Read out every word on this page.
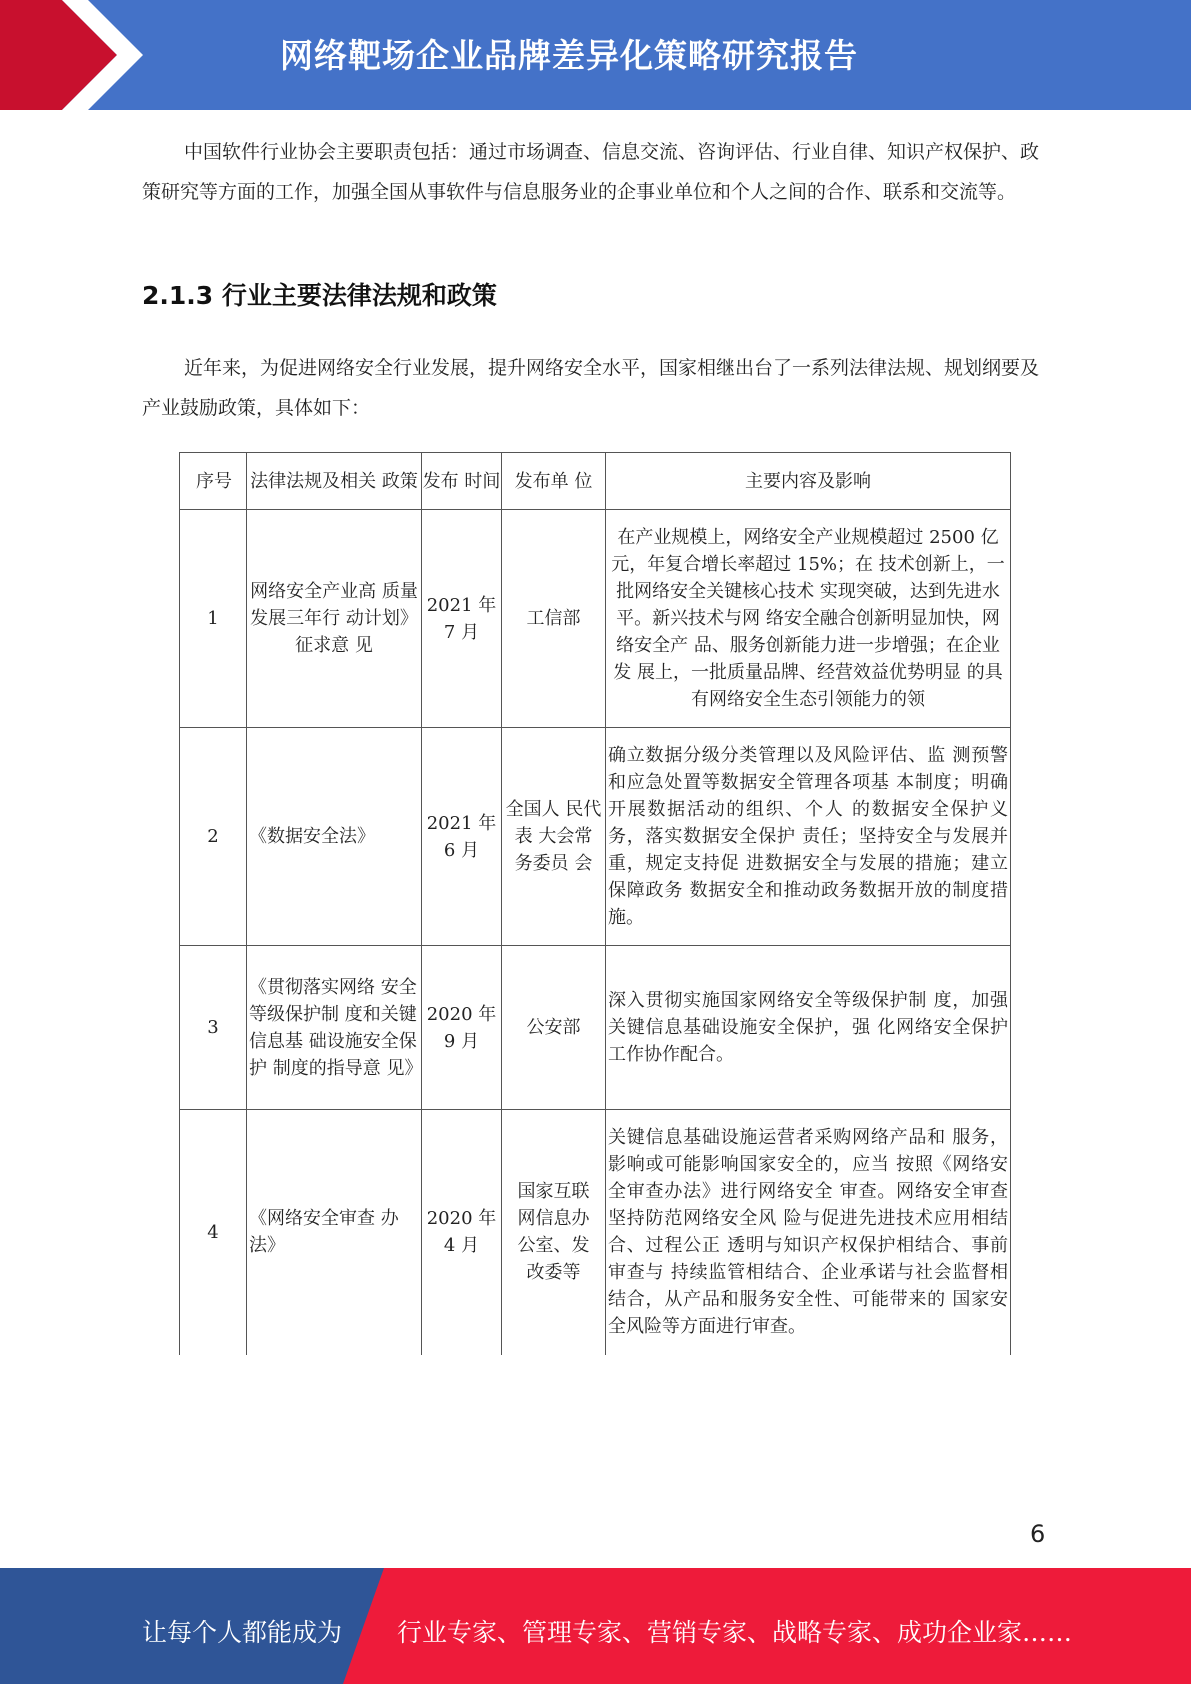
网络靶场企业品牌差异化策略研究报告

中国软件行业协会主要职责包括：通过市场调查、信息交流、咨询评估、行业自律、知识产权保护、政策研究等方面的工作，加强全国从事软件与信息服务业的企事业单位和个人之间的合作、联系和交流等。

2.1.3 行业主要法律法规和政策

近年来，为促进网络安全行业发展，提升网络安全水平，国家相继出台了一系列法律法规、规划纲要及产业鼓励政策，具体如下：

序号	法律法规及相关 政策	发布 时间	发布单 位	主要内容及影响
1	网络安全产业高 质量发展三年行 动计划》征求意 见	2021 年 7 月	工信部	在产业规模上，网络安全产业规模超过 2500 亿元，年复合增长率超过 15%；在 技术创新上，一批网络安全关键核心技术 实现突破，达到先进水平。新兴技术与网 络安全融合创新明显加快，网络安全产 品、服务创新能力进一步增强；在企业发 展上，一批质量品牌、经营效益优势明显 的具有网络安全生态引领能力的领
2	《数据安全法》	2021 年 6 月	全国人 民代表 大会常 务委员 会	确立数据分级分类管理以及风险评估、监 测预警和应急处置等数据安全管理各项基 本制度；明确开展数据活动的组织、个人 的数据安全保护义务，落实数据安全保护 责任；坚持安全与发展并重，规定支持促 进数据安全与发展的措施；建立保障政务 数据安全和推动政务数据开放的制度措 施。
3	《贯彻落实网络 安全等级保护制 度和关键信息基 础设施安全保护 制度的指导意 见》	2020 年 9 月	公安部	深入贯彻实施国家网络安全等级保护制 度，加强关键信息基础设施安全保护，强 化网络安全保护工作协作配合。
4	《网络安全审查 办法》	2020 年 4 月	国家互联网信息办公室、发改委等	关键信息基础设施运营者采购网络产品和 服务，影响或可能影响国家安全的，应当 按照《网络安全审查办法》进行网络安全 审查。网络安全审查坚持防范网络安全风 险与促进先进技术应用相结合、过程公正 透明与知识产权保护相结合、事前审查与 持续监管相结合、企业承诺与社会监督相 结合，从产品和服务安全性、可能带来的 国家安全风险等方面进行审查。
6
让每个人都能成为 行业专家、管理专家、营销专家、战略专家、成功企业家……
